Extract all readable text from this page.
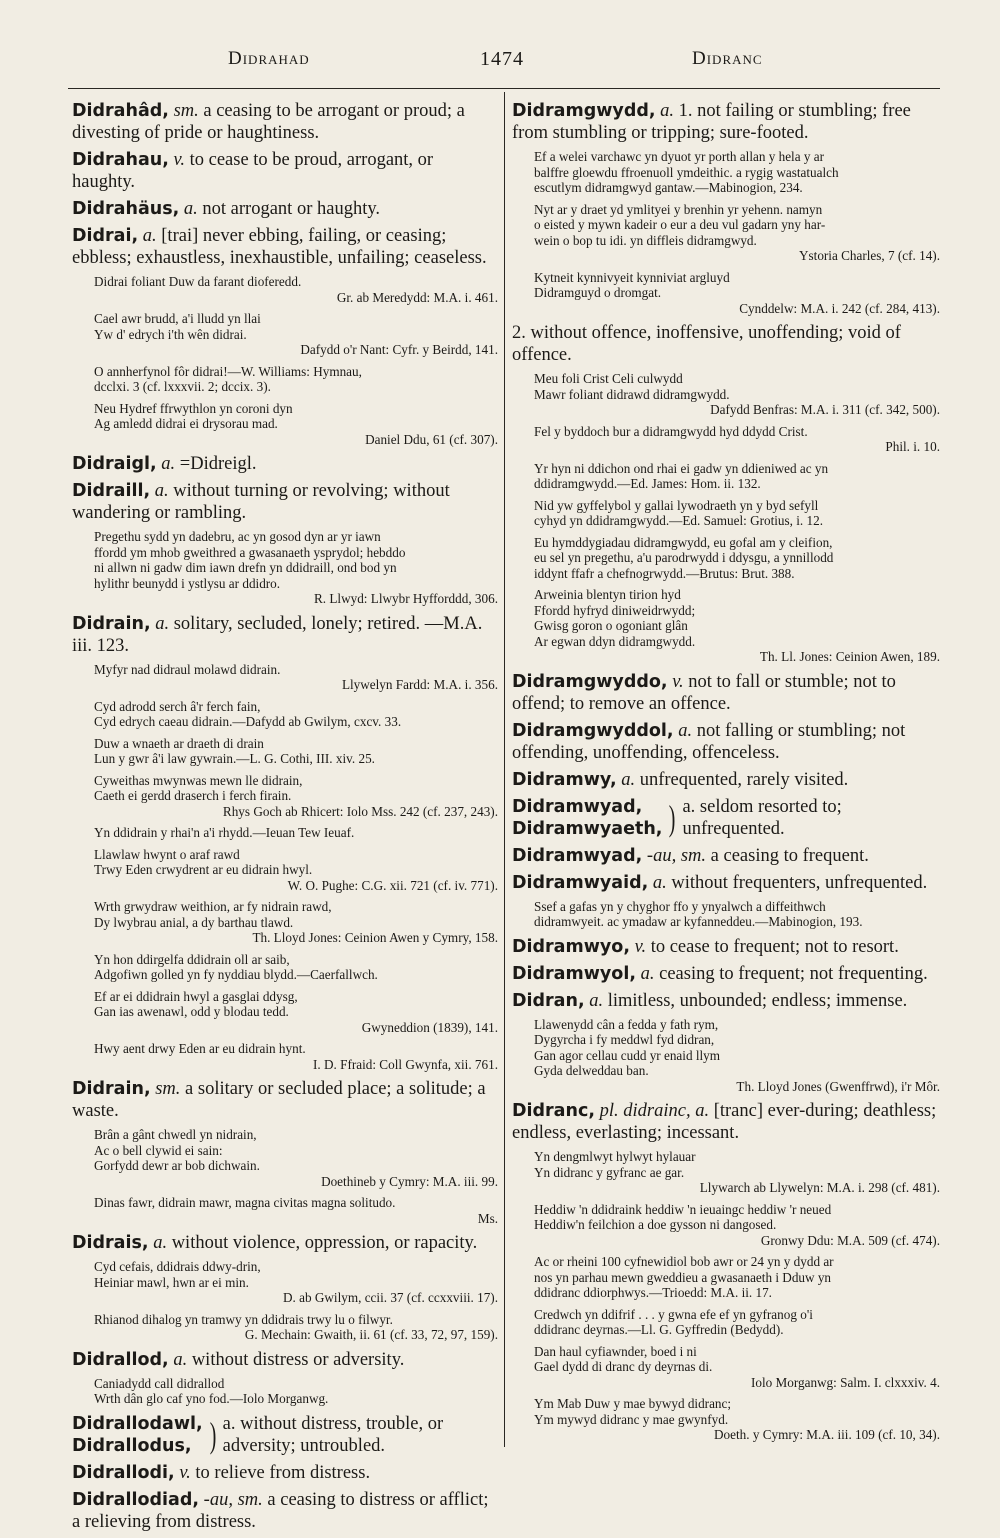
Didrahad	1474	Didranc
Didrahâd, sm. a ceasing to be arrogant or proud; a divesting of pride or haughtiness.
Didrahau, v. to cease to be proud, arrogant, or haughty.
Didrahäus, a. not arrogant or haughty.
Didrai, a. [trai] never ebbing, failing, or ceasing; ebbless; exhaustless, inexhaustible, unfailing; ceaseless.
Didrai foliant Duw da farant dioferedd.
Gr. ab Meredydd: M.A. i. 461.
Cael awr brudd, a'i lludd yn llai
Yw d' edrych i'th wên didrai.
Dafydd o'r Nant: Cyfr. y Beirdd, 141.
O annherfynol fôr didrai!—W. Williams: Hymnau,
dcclxi. 3 (cf. lxxxvii. 2; dccix. 3).
Neu Hydref ffrwythlon yn coroni dyn
Ag amledd didrai ei drysorau mad.
Daniel Ddu, 61 (cf. 307).
Didraigl, a. =Didreigl.
Didraill, a. without turning or revolving; without wandering or rambling.
Pregethu sydd yn dadebru, ac yn gosod dyn ar yr iawn
ffordd ym mhob gweithred a gwasanaeth ysprydol; hebddo
ni allwn ni gadw dim iawn drefn yn ddidraill, ond bod yn
hylithr beunydd i ystlysu ar ddidro.
R. Llwyd: Llwybr Hyfforddd, 306.
Didrain, a. solitary, secluded, lonely; retired. —M.A. iii. 123.
Myfyr nad didraul molawd didrain.
Llywelyn Fardd: M.A. i. 356.
Cyd adrodd serch â'r ferch fain,
Cyd edrych caeau didrain.—Dafydd ab Gwilym, cxcv. 33.
Duw a wnaeth ar draeth di drain
Lun y gwr â'i law gywrain.—L. G. Cothi, III. xiv. 25.
Cyweithas mwynwas mewn lle didrain,
Caeth ei gerdd draserch i ferch firain.
Rhys Goch ab Rhicert: Iolo Mss. 242 (cf. 237, 243).
Yn ddidrain y rhai'n a'i rhydd.—Ieuan Tew Ieuaf.
Llawlaw hwynt o araf rawd
Trwy Eden crwydrent ar eu didrain hwyl.
W. O. Pughe: C.G. xii. 721 (cf. iv. 771).
Wrth grwydraw weithion, ar fy nidrain rawd,
Dy lwybrau anial, a dy barthau tlawd.
Th. Lloyd Jones: Ceinion Awen y Cymry, 158.
Yn hon ddirgelfa ddidrain oll ar saib,
Adgofiwn golled yn fy nyddiau blydd.—Caerfallwch.
Ef ar ei ddidrain hwyl a gasglai ddysg,
Gan ias awenawl, odd y blodau tedd.
Gwyneddion (1839), 141.
Hwy aent drwy Eden ar eu didrain hynt.
I. D. Ffraid: Coll Gwynfa, xii. 761.
Didrain, sm. a solitary or secluded place; a solitude; a waste.
Brân a gânt chwedl yn nidrain,
Ac o bell clywid ei sain:
Gorfydd dewr ar bob dichwain.
Doethineb y Cymry: M.A. iii. 99.
Dinas fawr, didrain mawr, magna civitas magna solitudo.
Ms.
Didrais, a. without violence, oppression, or rapacity.
Cyd cefais, ddidrais ddwy-drin,
Heiniar mawl, hwn ar ei min.
D. ab Gwilym, ccii. 37 (cf. ccxxviii. 17).
Rhianod dihalog yn tramwy yn ddidrais trwy lu o filwyr.
G. Mechain: Gwaith, ii. 61 (cf. 33, 72, 97, 159).
Didrallod, a. without distress or adversity.
Caniadydd call didrallod
Wrth dân glo caf yno fod.—Iolo Morganwg.
Didrallodawl,
Didrallodus, ) a. without distress, trouble, or adversity; untroubled.
Didrallodi, v. to relieve from distress.
Didrallodiad, -au, sm. a ceasing to distress or afflict; a relieving from distress.
Didramgwydd, a. 1. not failing or stumbling; free from stumbling or tripping; sure-footed.
Ef a welei varchawc yn dyuot yr porth allan y hela y ar
balffre gloewdu ffroenuoll ymdeithic. a rygig wastatualch
escutlym didramgwyd gantaw.—Mabinogion, 234.
Nyt ar y draet yd ymlityei y brenhin yr yehenn. namyn
o eisted y mywn kadeir o eur a deu vul gadarn yny har-
wein o bop tu idi. yn diffleis didramgwyd.
Ystoria Charles, 7 (cf. 14).
Kytneit kynnivyeit kynniviat argluyd
Didramguyd o dromgat.
Cynddelw: M.A. i. 242 (cf. 284, 413).
2. without offence, inoffensive, unoffending; void of offence.
Meu foli Crist Celi culwydd
Mawr foliant didrawd didramgwydd.
Dafydd Benfras: M.A. i. 311 (cf. 342, 500).
Fel y byddoch bur a didramgwydd hyd ddydd Crist.
Phil. i. 10.
Yr hyn ni ddichon ond rhai ei gadw yn ddieniwed ac yn
ddidramgwydd.—Ed. James: Hom. ii. 132.
Nid yw gyffelybol y gallai lywodraeth yn y byd sefyll
cyhyd yn ddidramgwydd.—Ed. Samuel: Grotius, i. 12.
Eu hymddygiadau didramgwydd, eu gofal am y cleifion,
eu sel yn pregethu, a'u parodrwydd i ddysgu, a ynnillodd
iddynt ffafr a chefnogrwydd.—Brutus: Brut. 388.
Arweinia blentyn tirion hyd
Ffordd hyfryd diniweidrwydd;
Gwisg goron o ogoniant glân
Ar egwan ddyn didramgwydd.
Th. Ll. Jones: Ceinion Awen, 189.
Didramgwyddo, v. not to fall or stumble; not to offend; to remove an offence.
Didramgwyddol, a. not falling or stumbling; not offending, unoffending, offenceless.
Didramwy, a. unfrequented, rarely visited.
Didramwyad,
Didramwyaeth, ) a. seldom resorted to; unfrequented.
Didramwyad, -au, sm. a ceasing to frequent.
Didramwyaid, a. without frequenters, unfrequented.
Ssef a gafas yn y chyghor ffo y ynyalwch a diffeithwch
didramwyeit. ac ymadaw ar kyfanneddeu.—Mabinogion, 193.
Didramwyo, v. to cease to frequent; not to resort.
Didramwyol, a. ceasing to frequent; not frequenting.
Didran, a. limitless, unbounded; endless; immense.
Llawenydd cân a fedda y fath rym,
Dygyrcha i fy meddwl fyd didran,
Gan agor cellau cudd yr enaid llym
Gyda delweddau ban.
Th. Lloyd Jones (Gwenffrwd), i'r Môr.
Didranc, pl. didrainc, a. [tranc] ever-during; deathless; endless, everlasting; incessant.
Yn dengmlwyt hylwyt hylauar
Yn didranc y gyfranc ae gar.
Llywarch ab Llywelyn: M.A. i. 298 (cf. 481).
Heddiw 'n ddidraink heddiw 'n ieuaingc heddiw 'r neued
Heddiw'n feilchion a doe gysson ni dangosed.
Gronwy Ddu: M.A. 509 (cf. 474).
Ac or rheini 100 cyfnewidiol bob awr or 24 yn y dydd ar
nos yn parhau mewn gweddieu a gwasanaeth i Dduw yn
ddidranc ddiorphwys.—Trioedd: M.A. ii. 17.
Credwch yn ddifrif . . . y gwna efe ef yn gyfranog o'i
ddidranc deyrnas.—Ll. G. Gyffredin (Bedydd).
Dan haul cyfiawnder, boed i ni
Gael dydd di dranc dy deyrnas di.
Iolo Morganwg: Salm. I. clxxxiv. 4.
Ym Mab Duw y mae bywyd didranc;
Ym mywyd didranc y mae gwynfyd.
Doeth. y Cymry: M.A. iii. 109 (cf. 10, 34).
